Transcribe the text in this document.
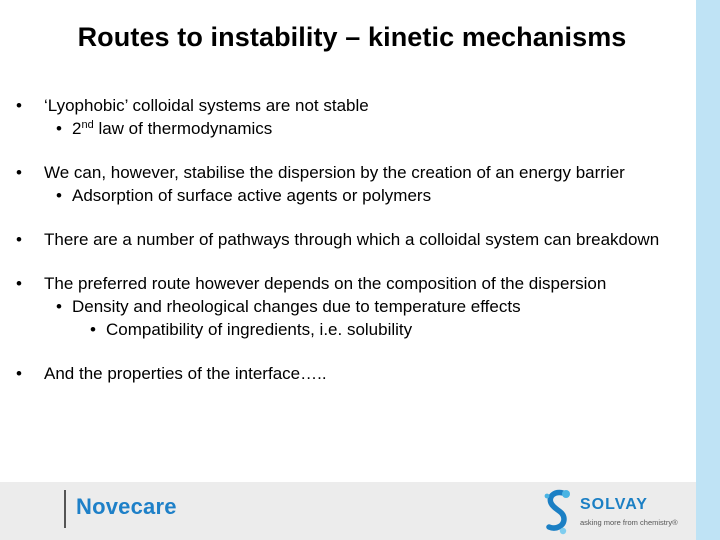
Routes to instability – kinetic mechanisms
• ‘Lyophobic’ colloidal systems are not stable
• 2nd law of thermodynamics
• We can, however, stabilise the dispersion by the creation of an energy barrier
• Adsorption of surface active agents or polymers
• There are a number of pathways through which a colloidal system can breakdown
• The preferred route however depends on the composition of the dispersion
• Density and rheological changes due to temperature effects
• Compatibility of ingredients, i.e. solubility
• And the properties of the interface…..
Novecare	SOLVAY
asking more from chemistry®
